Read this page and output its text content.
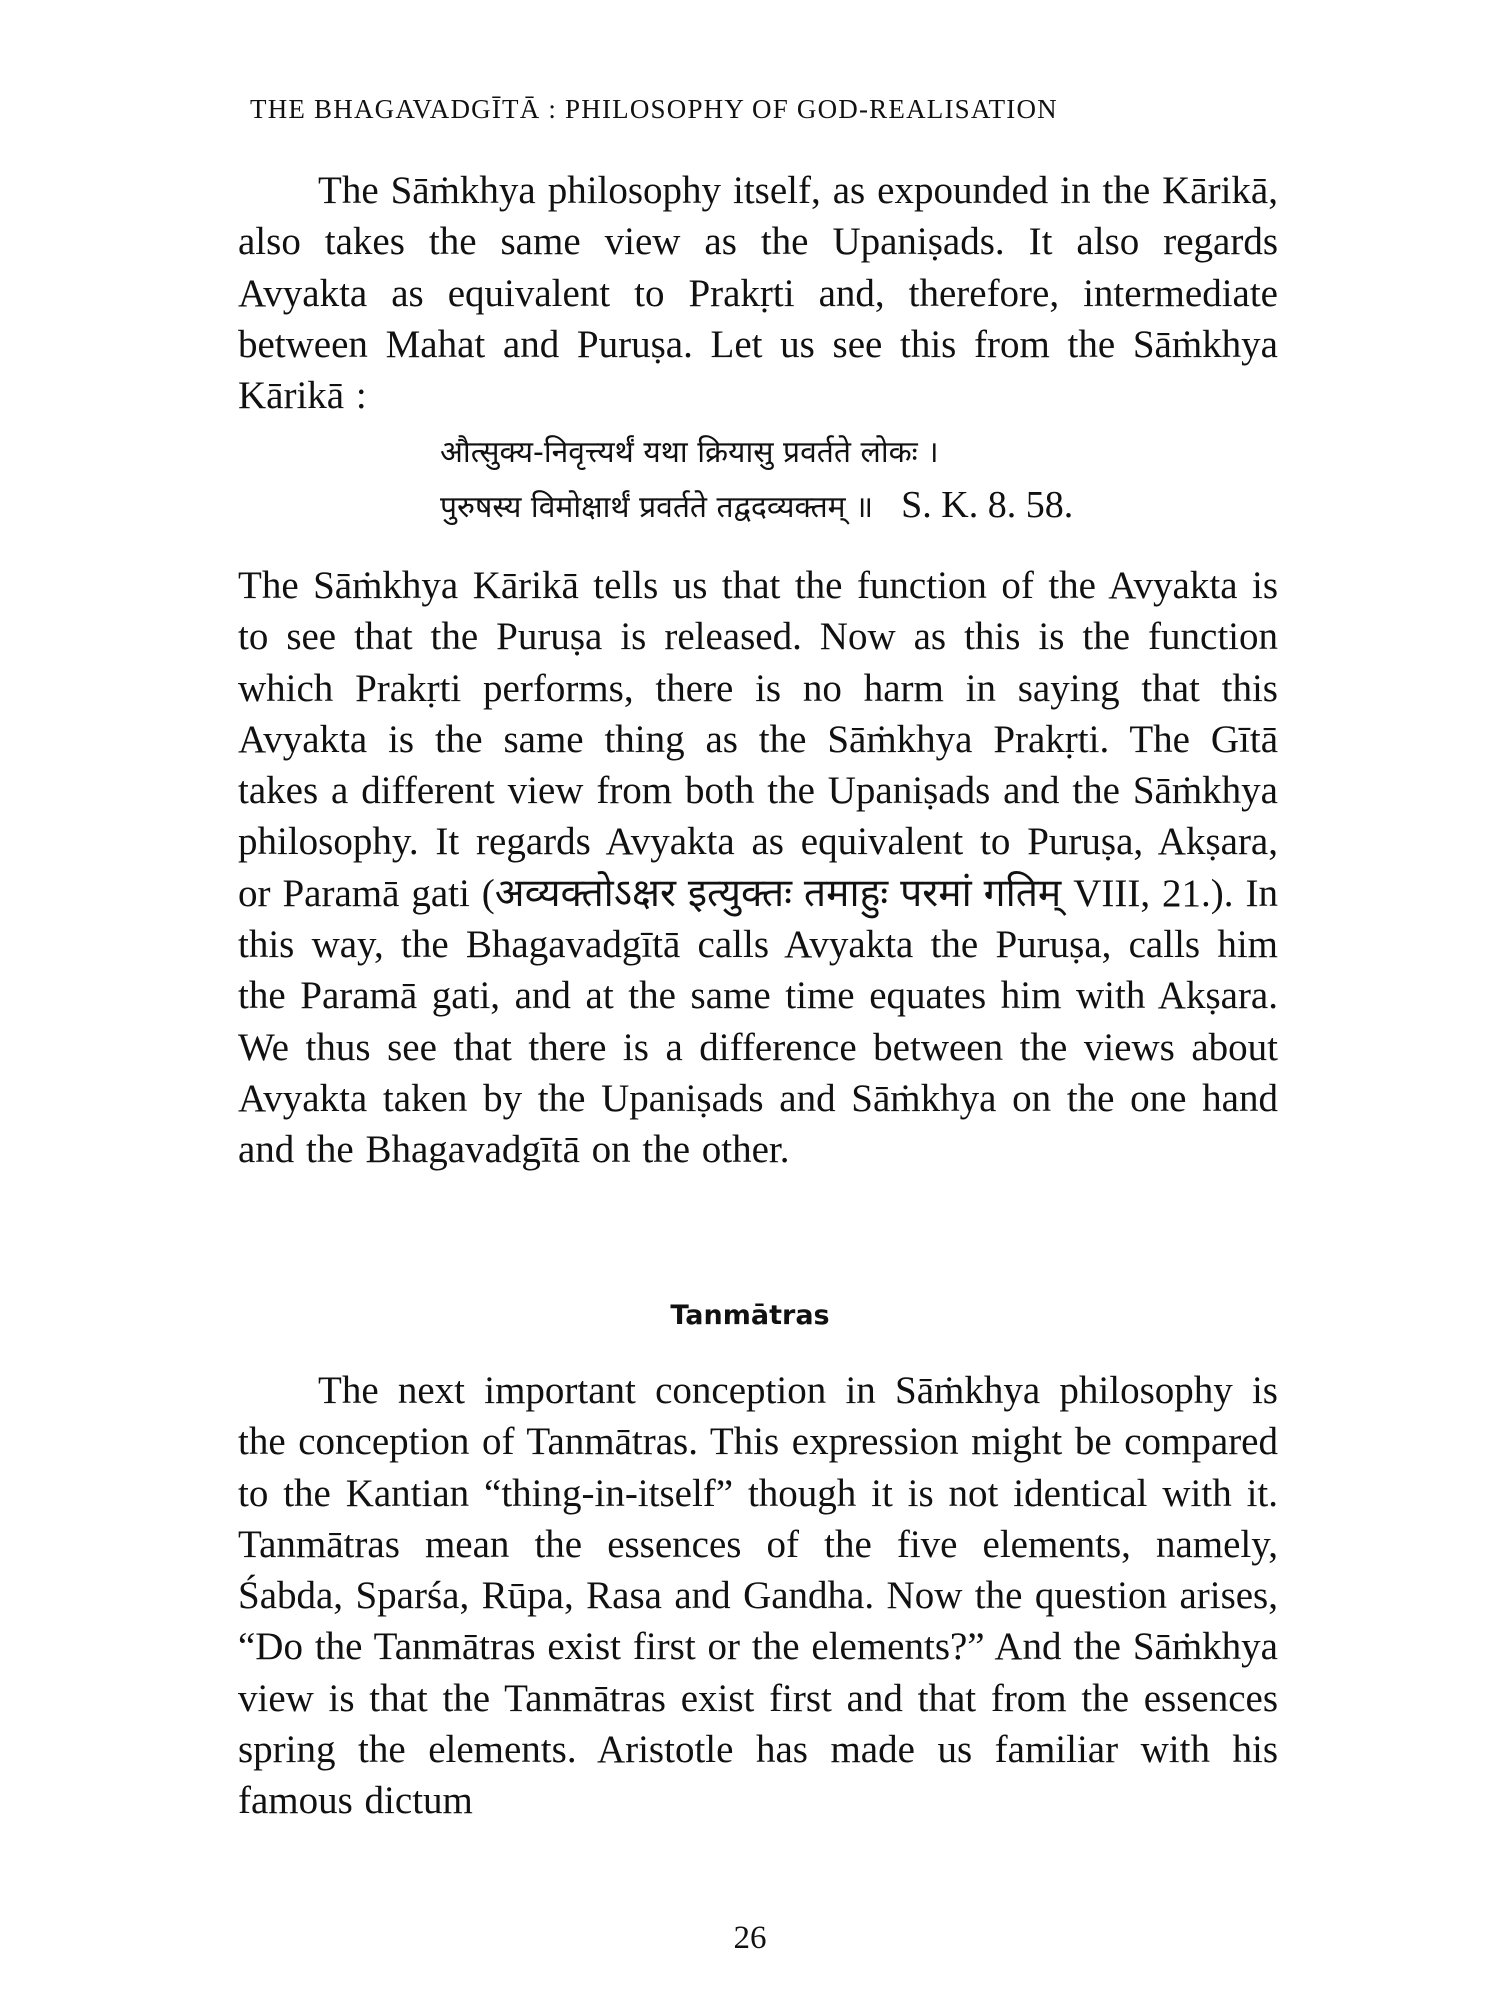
THE BHAGAVADGĪTĀ : PHILOSOPHY OF GOD-REALISATION

The Sāṁkhya philosophy itself, as expounded in the Kārikā, also takes the same view as the Upaniṣads. It also regards Avyakta as equivalent to Prakṛti and, therefore, intermediate between Mahat and Puruṣa. Let us see this from the Sāṁkhya Kārikā :

औत्सुक्य-निवृत्त्यर्थं यथा क्रियासु प्रवर्तते लोकः ।
पुरुषस्य विमोक्षार्थं प्रवर्तते तद्वदव्यक्तम् ॥ S. K. 8. 58.

The Sāṁkhya Kārikā tells us that the function of the Avyakta is to see that the Puruṣa is released. Now as this is the function which Prakṛti performs, there is no harm in saying that this Avyakta is the same thing as the Sāṁkhya Prakṛti. The Gītā takes a different view from both the Upaniṣads and the Sāṁkhya philosophy. It regards Avyakta as equivalent to Puruṣa, Akṣara, or Paramā gati (अव्यक्तोऽक्षर इत्युक्तः तमाहुः परमां गतिम् VIII, 21.). In this way, the Bhagavadgītā calls Avyakta the Puruṣa, calls him the Paramā gati, and at the same time equates him with Akṣara. We thus see that there is a difference between the views about Avyakta taken by the Upaniṣads and Sāṁkhya on the one hand and the Bhagavadgītā on the other.

Tanmātras

The next important conception in Sāṁkhya philosophy is the conception of Tanmātras. This expression might be compared to the Kantian “thing-in-itself” though it is not identical with it. Tanmātras mean the essences of the five elements, namely, Śabda, Sparśa, Rūpa, Rasa and Gandha. Now the question arises, “Do the Tanmātras exist first or the elements?” And the Sāṁkhya view is that the Tanmātras exist first and that from the essences spring the elements. Aristotle has made us familiar with his famous dictum

26
